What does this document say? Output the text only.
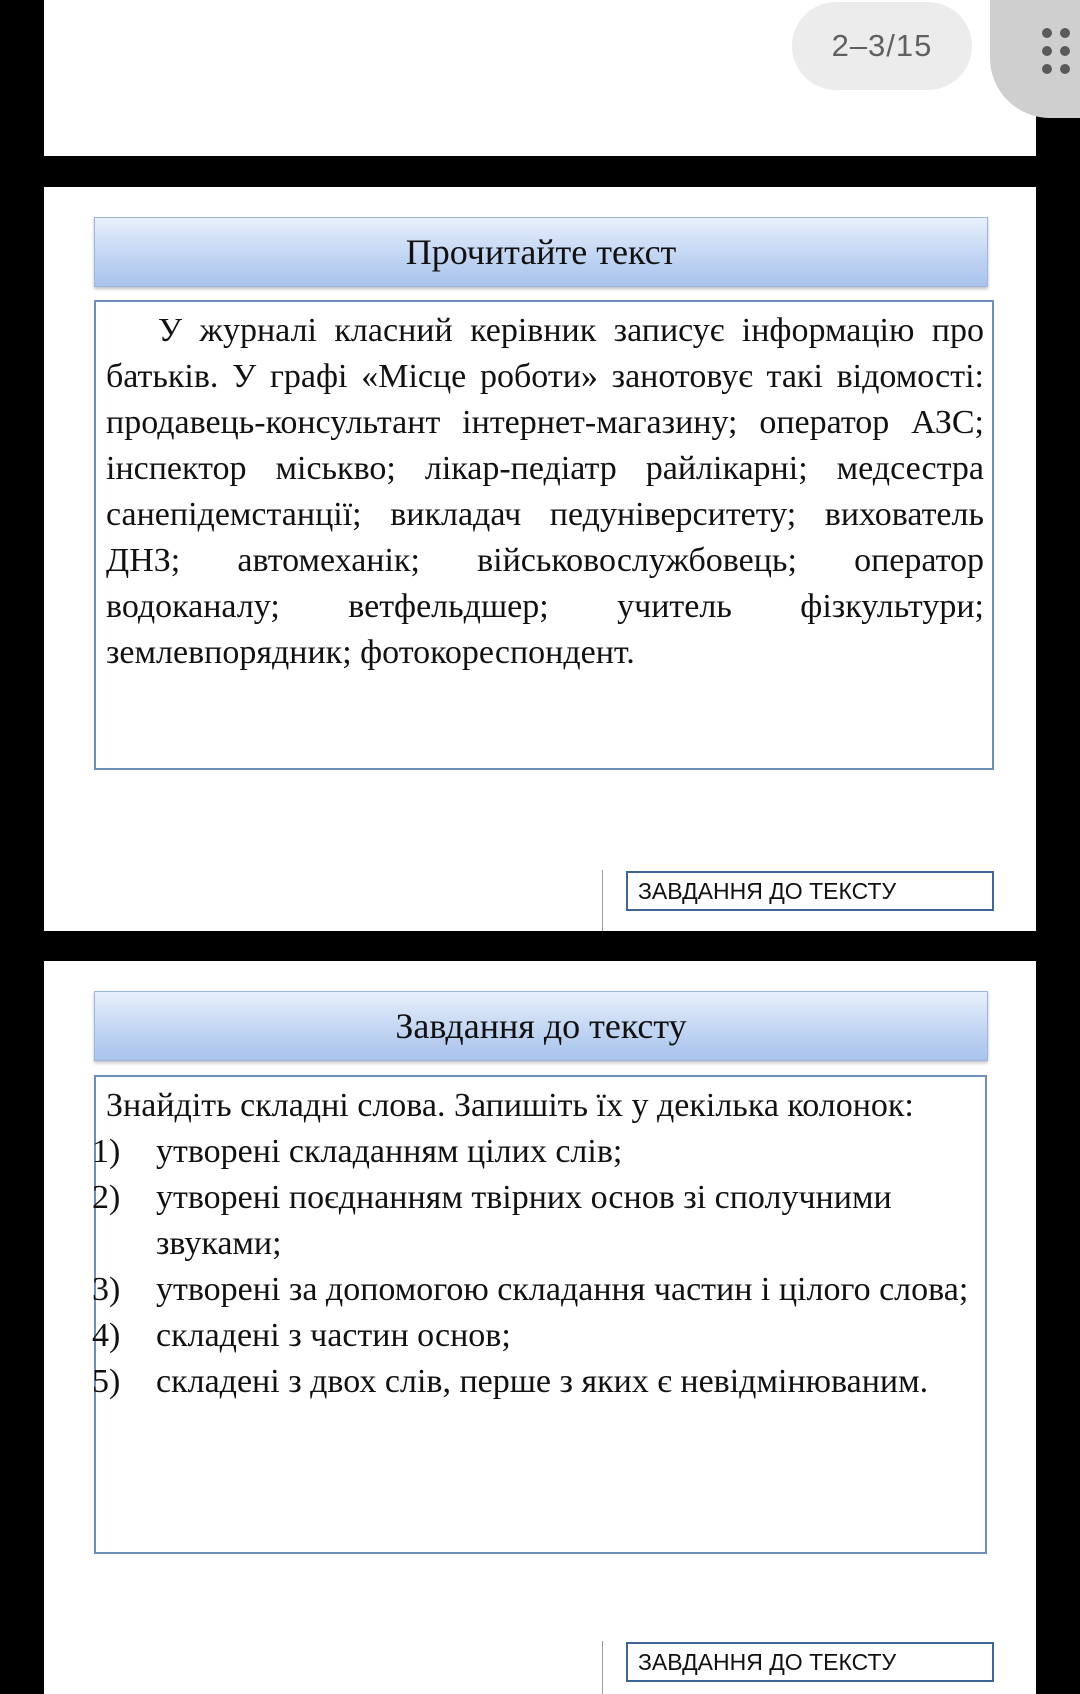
2–3/15
Прочитайте текст

У журналі класний керівник записує інформацію про батьків. У графі «Місце роботи» занотовує такі відомості: продавець-консультант інтернет-магазину; оператор АЗС; інспектор міськво; лікар-педіатр райлікарні; медсестра санепідемстанції; викладач педуніверситету; вихователь ДНЗ; автомеханік; військовослужбовець; оператор водоканалу; ветфельдшер; учитель фізкультури; землевпорядник; фотокореспондент.

ЗАВДАННЯ ДО ТЕКСТУ
Завдання до тексту

Знайдіть складні слова. Запишіть їх у декілька колонок:

1) утворені складанням цілих слів;
2) утворені поєднанням твірних основ зі сполучними звуками;
3) утворені за допомогою складання частин і цілого слова;
4) складені з частин основ;
5) складені з двох слів, перше з яких є невідмінюваним.
ЗАВДАННЯ ДО ТЕКСТУ
